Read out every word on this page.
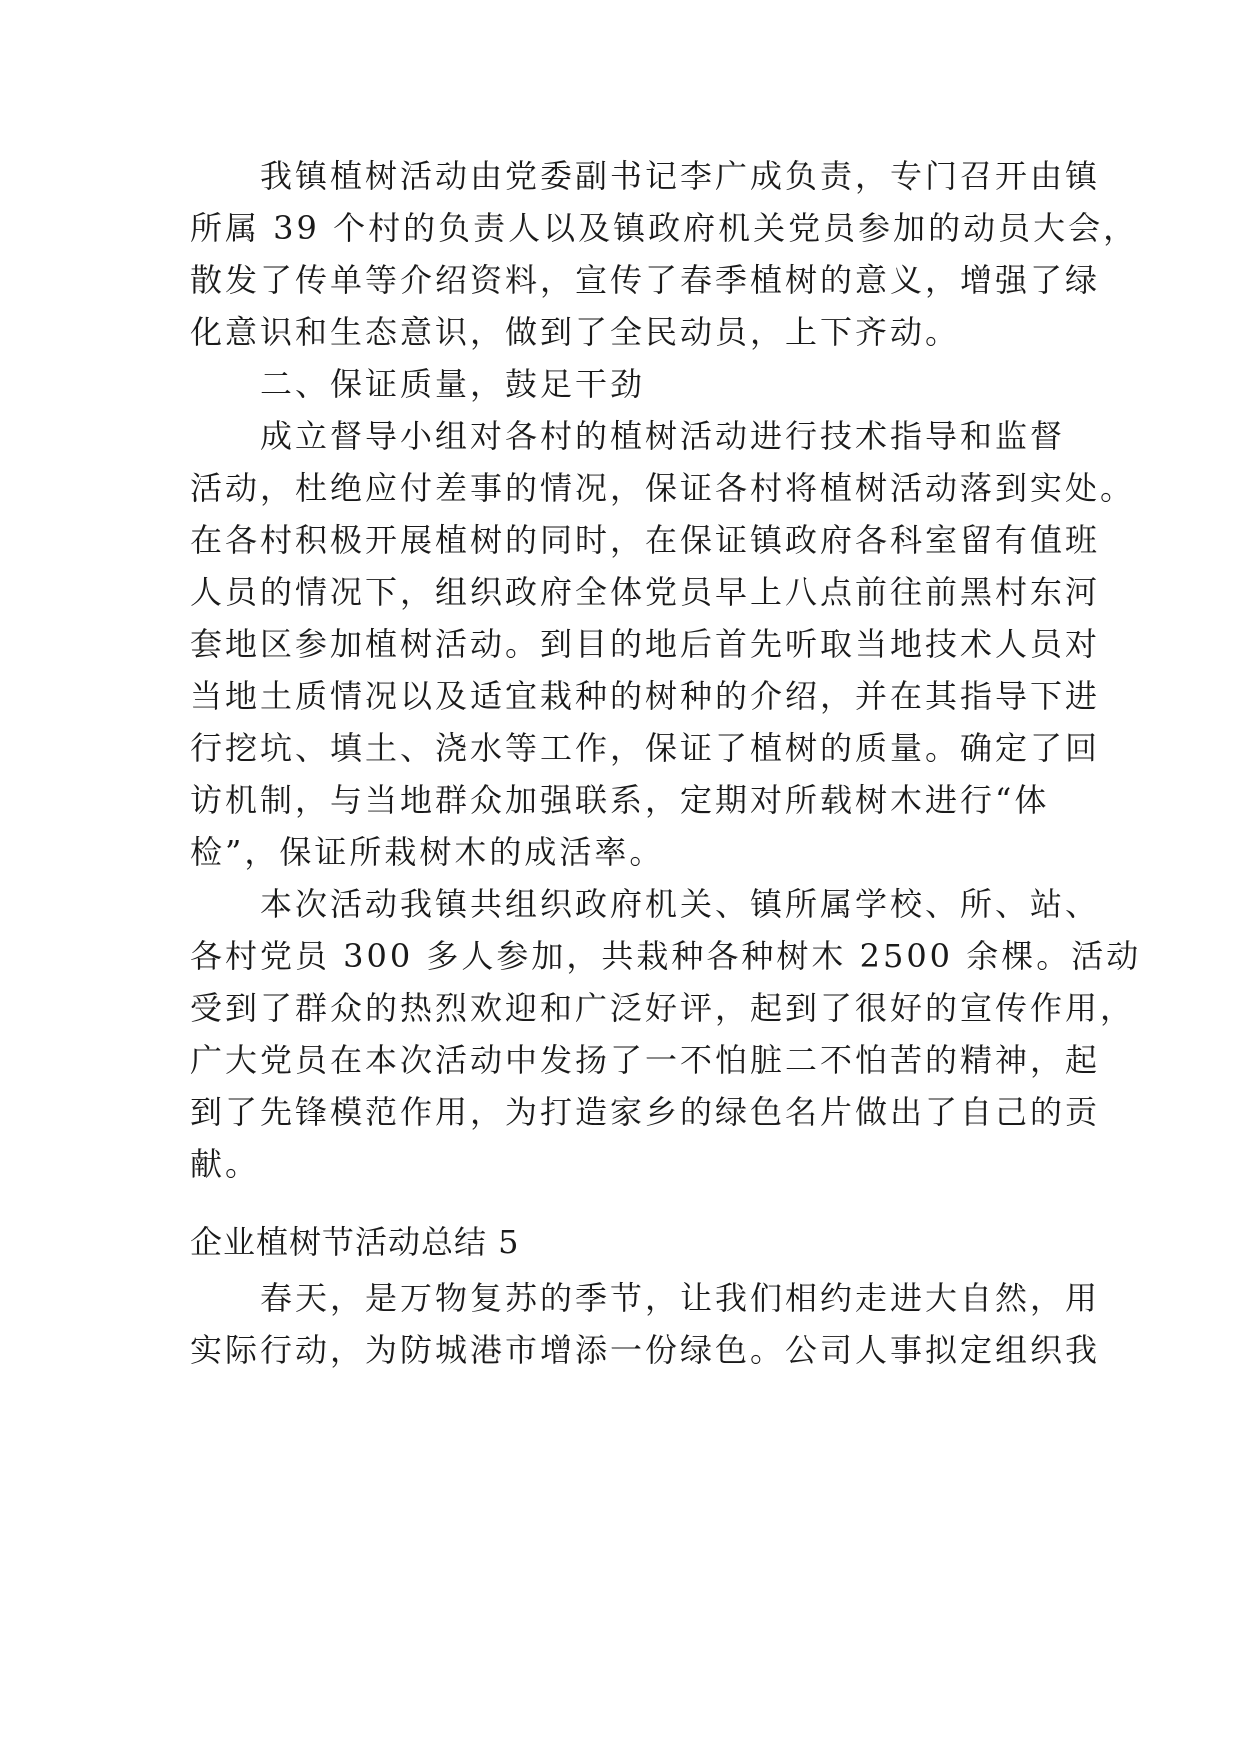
我镇植树活动由党委副书记李广成负责，专门召开由镇
所属 39 个村的负责人以及镇政府机关党员参加的动员大会，
散发了传单等介绍资料，宣传了春季植树的意义，增强了绿
化意识和生态意识，做到了全民动员，上下齐动。
二、保证质量，鼓足干劲
成立督导小组对各村的植树活动进行技术指导和监督
活动，杜绝应付差事的情况，保证各村将植树活动落到实处。
在各村积极开展植树的同时，在保证镇政府各科室留有值班
人员的情况下，组织政府全体党员早上八点前往前黑村东河
套地区参加植树活动。到目的地后首先听取当地技术人员对
当地土质情况以及适宜栽种的树种的介绍，并在其指导下进
行挖坑、填土、浇水等工作，保证了植树的质量。确定了回
访机制，与当地群众加强联系，定期对所载树木进行“体
检”，保证所栽树木的成活率。
本次活动我镇共组织政府机关、镇所属学校、所、站、
各村党员 300 多人参加，共栽种各种树木 2500 余棵。活动
受到了群众的热烈欢迎和广泛好评，起到了很好的宣传作用，
广大党员在本次活动中发扬了一不怕脏二不怕苦的精神，起
到了先锋模范作用，为打造家乡的绿色名片做出了自己的贡
献。
企业植树节活动总结 5
春天，是万物复苏的季节，让我们相约走进大自然，用
实际行动，为防城港市增添一份绿色。公司人事拟定组织我
